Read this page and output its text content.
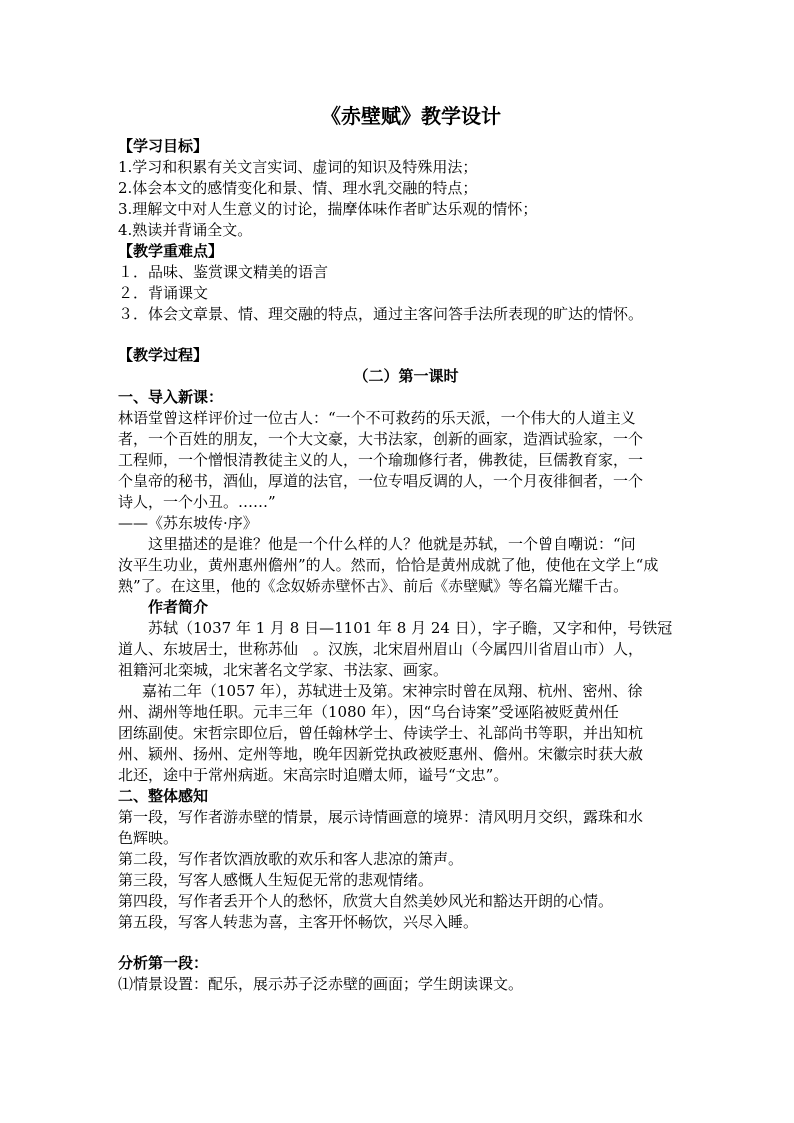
《赤壁赋》教学设计
【学习目标】
1.学习和积累有关文言实词、虚词的知识及特殊用法；
2.体会本文的感情变化和景、情、理水乳交融的特点；
3.理解文中对人生意义的讨论，揣摩体味作者旷达乐观的情怀；
4.熟读并背诵全文。
【教学重难点】
１．品味、鉴赏课文精美的语言
２．背诵课文
３．体会文章景、情、理交融的特点，通过主客问答手法所表现的旷达的情怀。
【教学过程】
（二）第一课时
一、导入新课：
林语堂曾这样评价过一位古人：“一个不可救药的乐天派，一个伟大的人道主义
者，一个百姓的朋友，一个大文豪，大书法家，创新的画家，造酒试验家，一个
工程师，一个憎恨清教徒主义的人，一个瑜珈修行者，佛教徒，巨儒教育家，一
个皇帝的秘书，酒仙，厚道的法官，一位专唱反调的人，一个月夜徘徊者，一个
诗人，一个小丑。……”
——《苏东坡传·序》
这里描述的是谁？他是一个什么样的人？他就是苏轼，一个曾自嘲说：“问
汝平生功业，黄州惠州儋州”的人。然而，恰恰是黄州成就了他，使他在文学上“成
熟”了。在这里，他的《念奴娇赤壁怀古》、前后《赤壁赋》等名篇光耀千古。
作者简介
苏轼（1037 年 1 月 8 日—1101 年 8 月 24 日），字子瞻，又字和仲，号铁冠
道人、东坡居士，世称苏仙　。汉族，北宋眉州眉山（今属四川省眉山市）人，
祖籍河北栾城，北宋著名文学家、书法家、画家。
嘉祐二年（1057 年），苏轼进士及第。宋神宗时曾在凤翔、杭州、密州、徐
州、湖州等地任职。元丰三年（1080 年），因“乌台诗案”受诬陷被贬黄州任
团练副使。宋哲宗即位后，曾任翰林学士、侍读学士、礼部尚书等职，并出知杭
州、颍州、扬州、定州等地，晚年因新党执政被贬惠州、儋州。宋徽宗时获大赦
北还，途中于常州病逝。宋高宗时追赠太师，谥号“文忠”。
二、整体感知
第一段，写作者游赤壁的情景，展示诗情画意的境界：清风明月交织，露珠和水
色辉映。
第二段，写作者饮酒放歌的欢乐和客人悲凉的箫声。
第三段，写客人感慨人生短促无常的悲观情绪。
第四段，写作者丢开个人的愁怀，欣赏大自然美妙风光和豁达开朗的心情。
第五段，写客人转悲为喜，主客开怀畅饮，兴尽入睡。
分析第一段：
⑴情景设置：配乐，展示苏子泛赤壁的画面；学生朗读课文。
